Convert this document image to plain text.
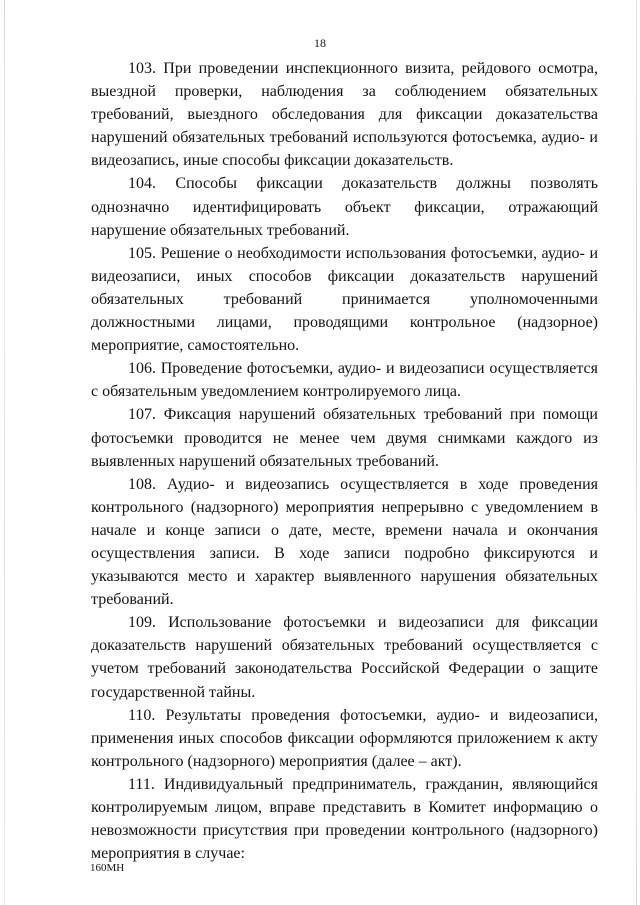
18

103. При проведении инспекционного визита, рейдового осмотра, выездной проверки, наблюдения за соблюдением обязательных требований, выездного обследования для фиксации доказательства нарушений обязательных требований используются фотосъемка, аудио- и видеозапись, иные способы фиксации доказательств.

104. Способы фиксации доказательств должны позволять однозначно идентифицировать объект фиксации, отражающий нарушение обязательных требований.

105. Решение о необходимости использования фотосъемки, аудио- и видеозаписи, иных способов фиксации доказательств нарушений обязательных требований принимается уполномоченными должностными лицами, проводящими контрольное (надзорное) мероприятие, самостоятельно.

106. Проведение фотосъемки, аудио- и видеозаписи осуществляется с обязательным уведомлением контролируемого лица.

107. Фиксация нарушений обязательных требований при помощи фотосъемки проводится не менее чем двумя снимками каждого из выявленных нарушений обязательных требований.

108. Аудио- и видеозапись осуществляется в ходе проведения контрольного (надзорного) мероприятия непрерывно с уведомлением в начале и конце записи о дате, месте, времени начала и окончания осуществления записи. В ходе записи подробно фиксируются и указываются место и характер выявленного нарушения обязательных требований.

109. Использование фотосъемки и видеозаписи для фиксации доказательств нарушений обязательных требований осуществляется с учетом требований законодательства Российской Федерации о защите государственной тайны.

110. Результаты проведения фотосъемки, аудио- и видеозаписи, применения иных способов фиксации оформляются приложением к акту контрольного (надзорного) мероприятия (далее – акт).

111. Индивидуальный предприниматель, гражданин, являющийся контролируемым лицом, вправе представить в Комитет информацию о невозможности присутствия при проведении контрольного (надзорного) мероприятия в случае:

160МН
